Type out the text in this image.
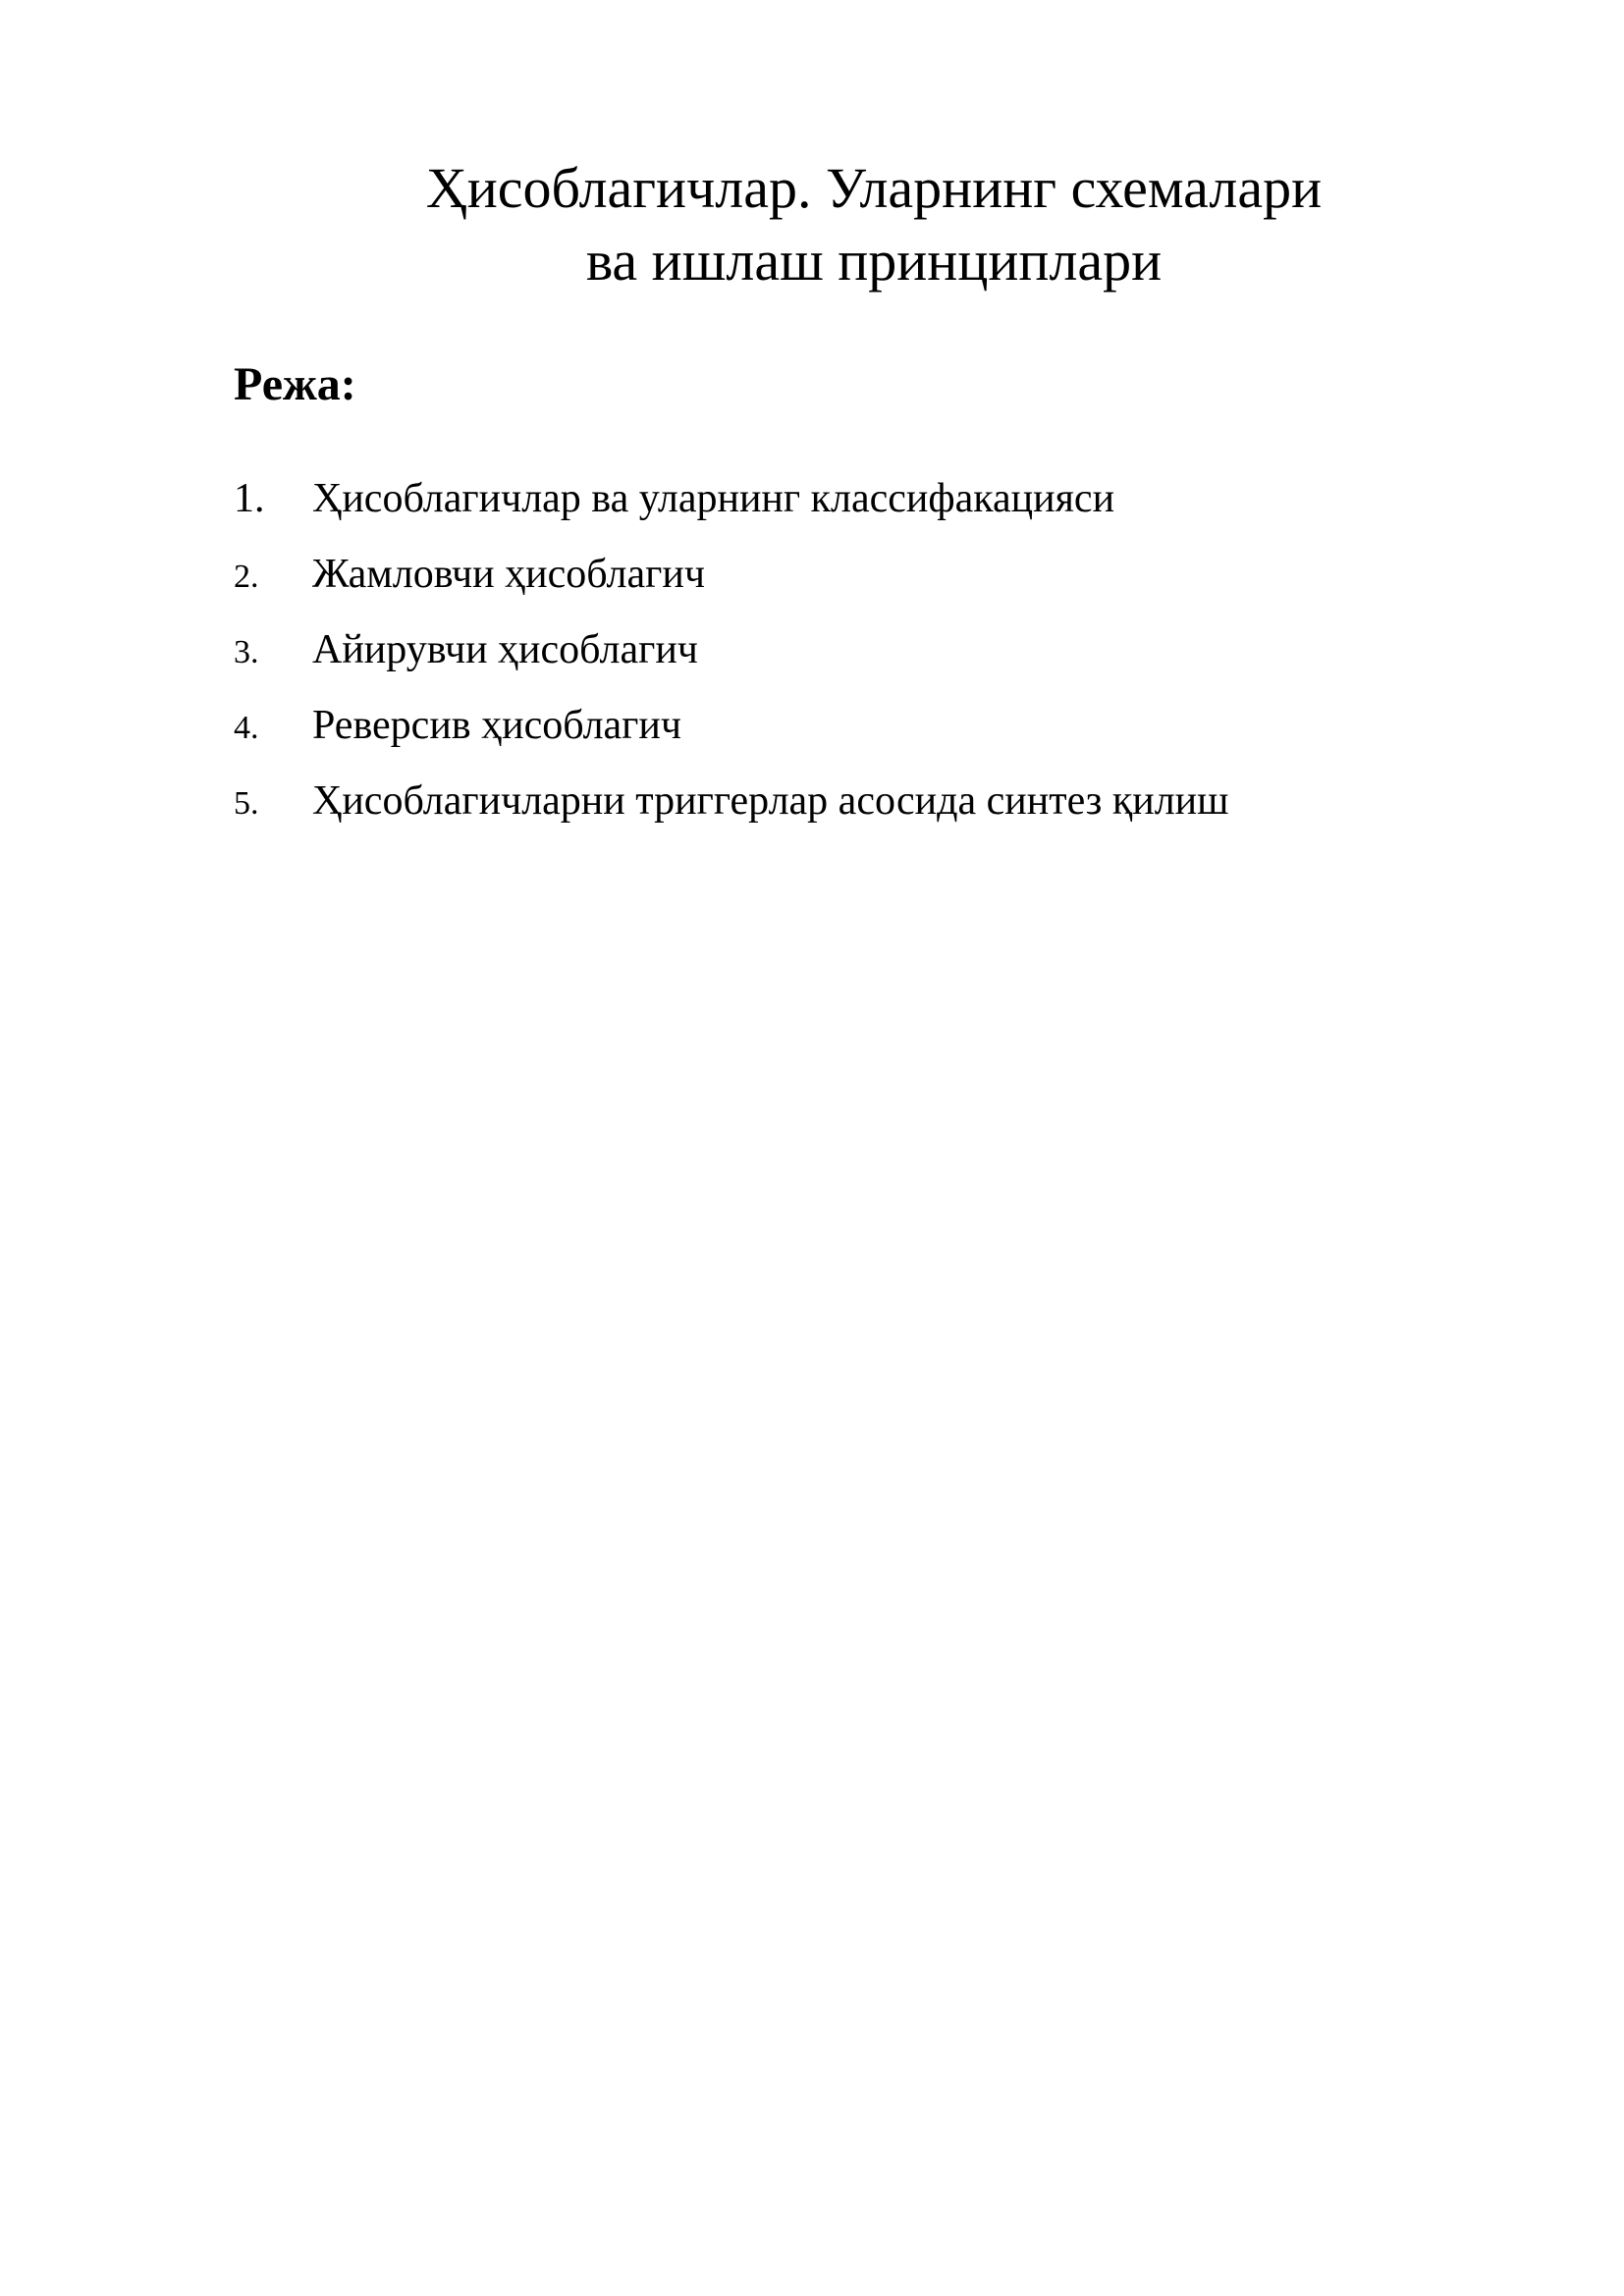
Ҳисоблагичлар. Уларнинг схемалари
ва ишлаш принциплари
Режа:
1.	Ҳисоблагичлар ва уларнинг классифакацияси
2.	Жамловчи ҳисоблагич
3.	Айирувчи ҳисоблагич
4.	Реверсив ҳисоблагич
5.	Ҳисоблагичларни триггерлар асосида синтез қилиш
